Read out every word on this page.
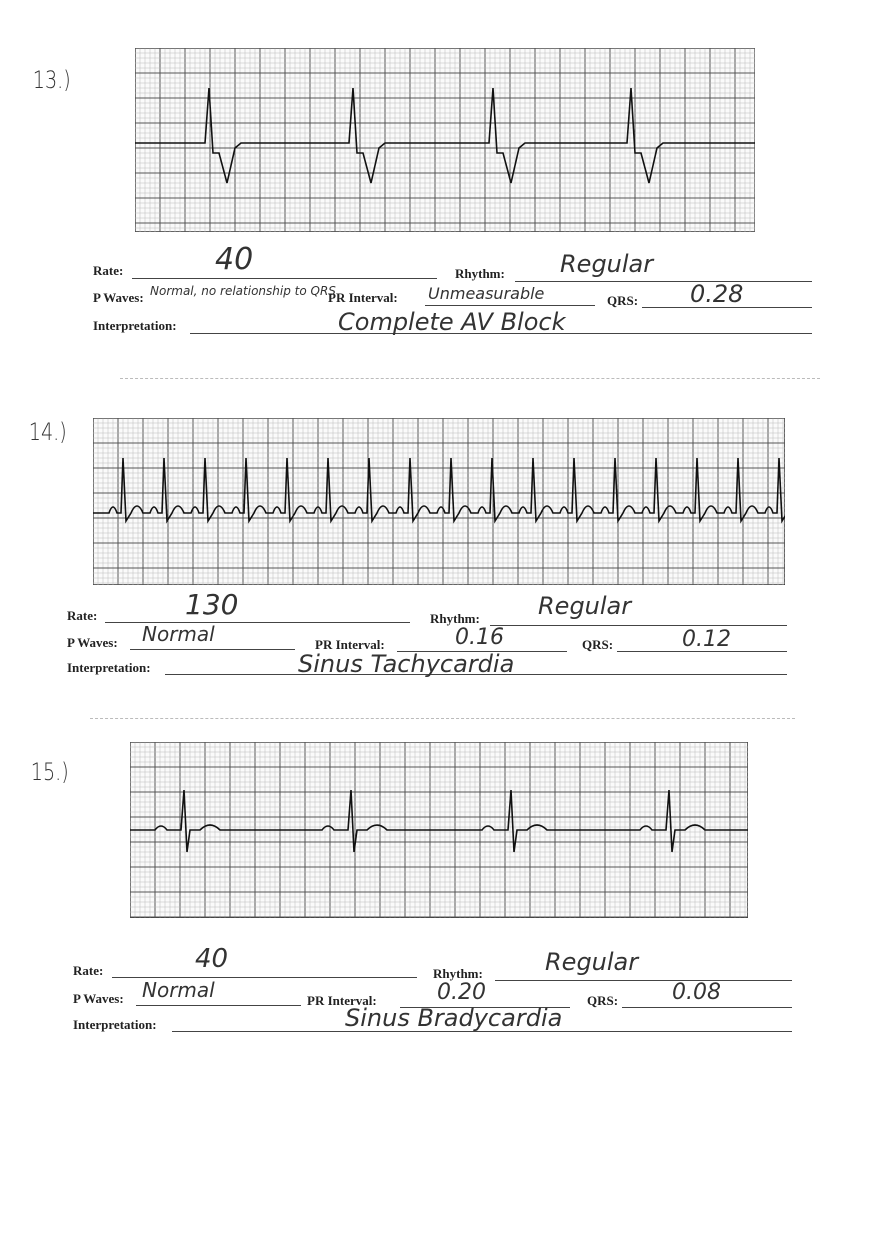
13.)
Rate:	40	Rhythm: Regular
P Waves: Normal, no relationship to QRS
PR Interval: Unmeasurable	QRS: 0.28
Interpretation:	Complete AV Block
14.)
Rate:	130	Rhythm: Regular
P Waves: Normal	PR Interval:	0.16	QRS:	0.12
Interpretation:	Sinus Tachycardia
15.)
Rate:	40	Rhythm:	Regular
P Waves: Normal	PR Interval:	0.20	QRS: 0.08
Interpretation:	Sinus Bradycardia
